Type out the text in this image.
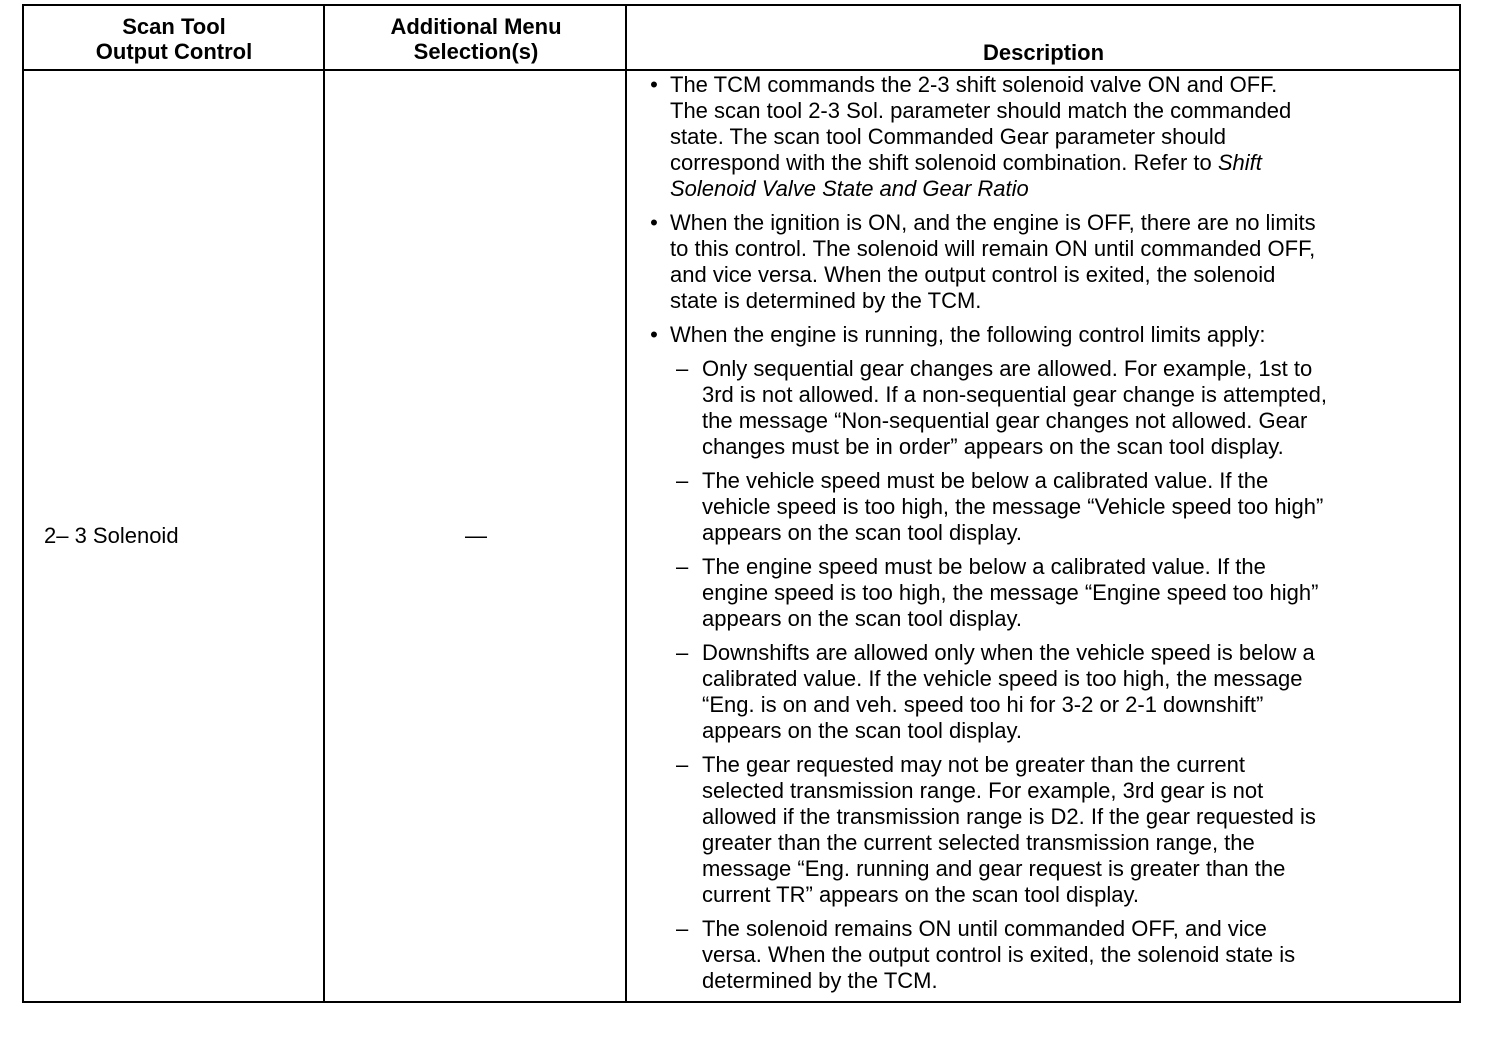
Scan Tool
Output Control
Additional Menu
Selection(s)	Description
2– 3 Solenoid	—
• The TCM commands the 2-3 shift solenoid valve ON and OFF.
The scan tool 2-3 Sol. parameter should match the commanded
state. The scan tool Commanded Gear parameter should
correspond with the shift solenoid combination. Refer to Shift
Solenoid Valve State and Gear Ratio
• When the ignition is ON, and the engine is OFF, there are no limits
to this control. The solenoid will remain ON until commanded OFF,
and vice versa. When the output control is exited, the solenoid
state is determined by the TCM.
• When the engine is running, the following control limits apply:
– Only sequential gear changes are allowed. For example, 1st to
3rd is not allowed. If a non-sequential gear change is attempted,
the message “Non-sequential gear changes not allowed. Gear
changes must be in order” appears on the scan tool display.
– The vehicle speed must be below a calibrated value. If the
vehicle speed is too high, the message “Vehicle speed too high”
appears on the scan tool display.
– The engine speed must be below a calibrated value. If the
engine speed is too high, the message “Engine speed too high”
appears on the scan tool display.
– Downshifts are allowed only when the vehicle speed is below a
calibrated value. If the vehicle speed is too high, the message
“Eng. is on and veh. speed too hi for 3-2 or 2-1 downshift”
appears on the scan tool display.
– The gear requested may not be greater than the current
selected transmission range. For example, 3rd gear is not
allowed if the transmission range is D2. If the gear requested is
greater than the current selected transmission range, the
message “Eng. running and gear request is greater than the
current TR” appears on the scan tool display.
– The solenoid remains ON until commanded OFF, and vice
versa. When the output control is exited, the solenoid state is
determined by the TCM.
